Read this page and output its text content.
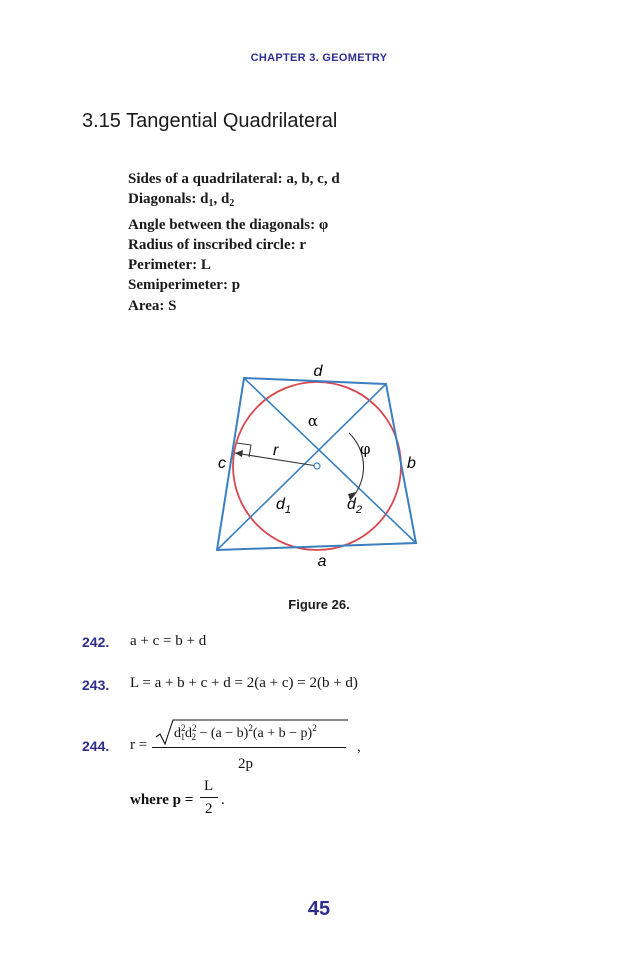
CHAPTER 3. GEOMETRY
3.15 Tangential Quadrilateral
Sides of a quadrilateral: a, b, c, d
Diagonals: $d_1$, $d_2$
Angle between the diagonals: φ
Radius of inscribed circle: r
Perimeter: L
Semiperimeter: p
Area: S
d
b
c
a
α
φ
r
$d_1$	$d_2$
Figure 26.
242. a + c = b + d
243. L = a + b + c + d = 2(a + c) = 2(b + d)
244. r =
$d^2_1d^2_2 - (a - b)^2(a + b - p)^2$
2p
,
where p =
L
2
.
45
